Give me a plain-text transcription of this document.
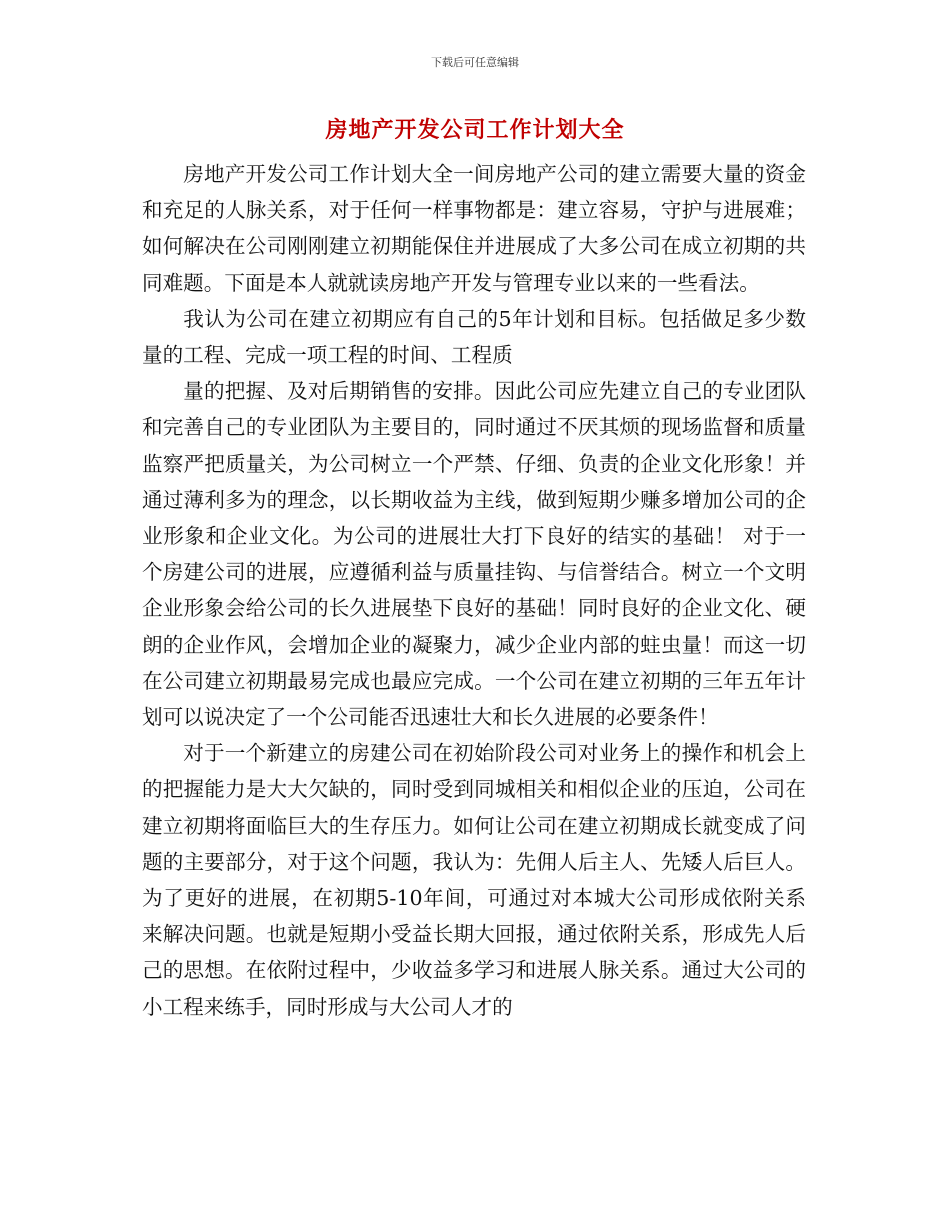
下载后可任意编辑
房地产开发公司工作计划大全

房地产开发公司工作计划大全一间房地产公司的建立需要大量的资金和充足的人脉关系，对于任何一样事物都是：建立容易，守护与进展难；如何解决在公司刚刚建立初期能保住并进展成了大多公司在成立初期的共同难题。下面是本人就就读房地产开发与管理专业以来的一些看法。

我认为公司在建立初期应有自己的5年计划和目标。包括做足多少数量的工程、完成一项工程的时间、工程质

量的把握、及对后期销售的安排。因此公司应先建立自己的专业团队和完善自己的专业团队为主要目的，同时通过不厌其烦的现场监督和质量监察严把质量关，为公司树立一个严禁、仔细、负责的企业文化形象！并通过薄利多为的理念，以长期收益为主线，做到短期少赚多增加公司的企业形象和企业文化。为公司的进展壮大打下良好的结实的基础！ 对于一个房建公司的进展，应遵循利益与质量挂钩、与信誉结合。树立一个文明企业形象会给公司的长久进展垫下良好的基础！同时良好的企业文化、硬朗的企业作风，会增加企业的凝聚力，减少企业内部的蛀虫量！而这一切在公司建立初期最易完成也最应完成。一个公司在建立初期的三年五年计划可以说决定了一个公司能否迅速壮大和长久进展的必要条件！

对于一个新建立的房建公司在初始阶段公司对业务上的操作和机会上的把握能力是大大欠缺的，同时受到同城相关和相似企业的压迫，公司在建立初期将面临巨大的生存压力。如何让公司在建立初期成长就变成了问题的主要部分，对于这个问题，我认为：先佣人后主人、先矮人后巨人。为了更好的进展，在初期5-10年间，可通过对本城大公司形成依附关系来解决问题。也就是短期小受益长期大回报，通过依附关系，形成先人后己的思想。在依附过程中，少收益多学习和进展人脉关系。通过大公司的小工程来练手，同时形成与大公司人才的
